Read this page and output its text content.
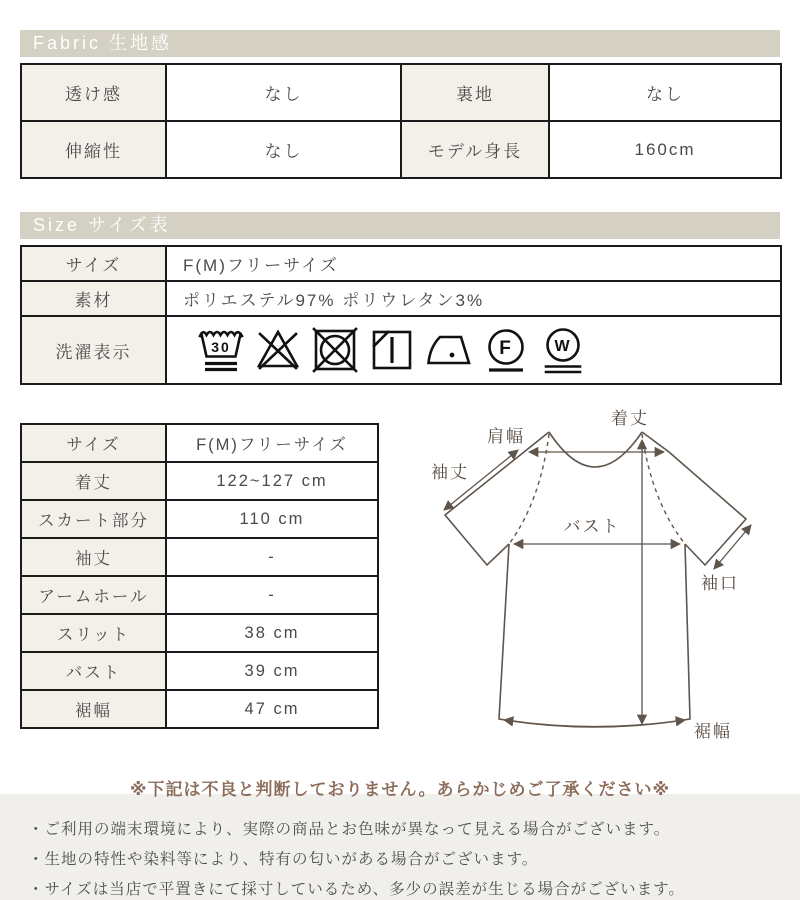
Fabric 生地感
透け感	なし	裏地	なし
伸縮性	なし	モデル身長	160cm
Size サイズ表
サイズ	F(M)フリーサイズ
素材	ポリエステル97% ポリウレタン3%
洗濯表示	30 F W
サイズ	F(M)フリーサイズ
着丈	122~127 cm
スカート部分	110 cm
袖丈	-
アームホール	-
スリット	38 cm
バスト	39 cm
裾幅	47 cm
着丈
肩幅
袖丈
バスト
袖口
裾幅
※下記は不良と判断しておりません。あらかじめご了承ください※
・ご利用の端末環境により、実際の商品とお色味が異なって見える場合がございます。
・生地の特性や染料等により、特有の匂いがある場合がございます。
・サイズは当店で平置きにて採寸しているため、多少の誤差が生じる場合がございます。
